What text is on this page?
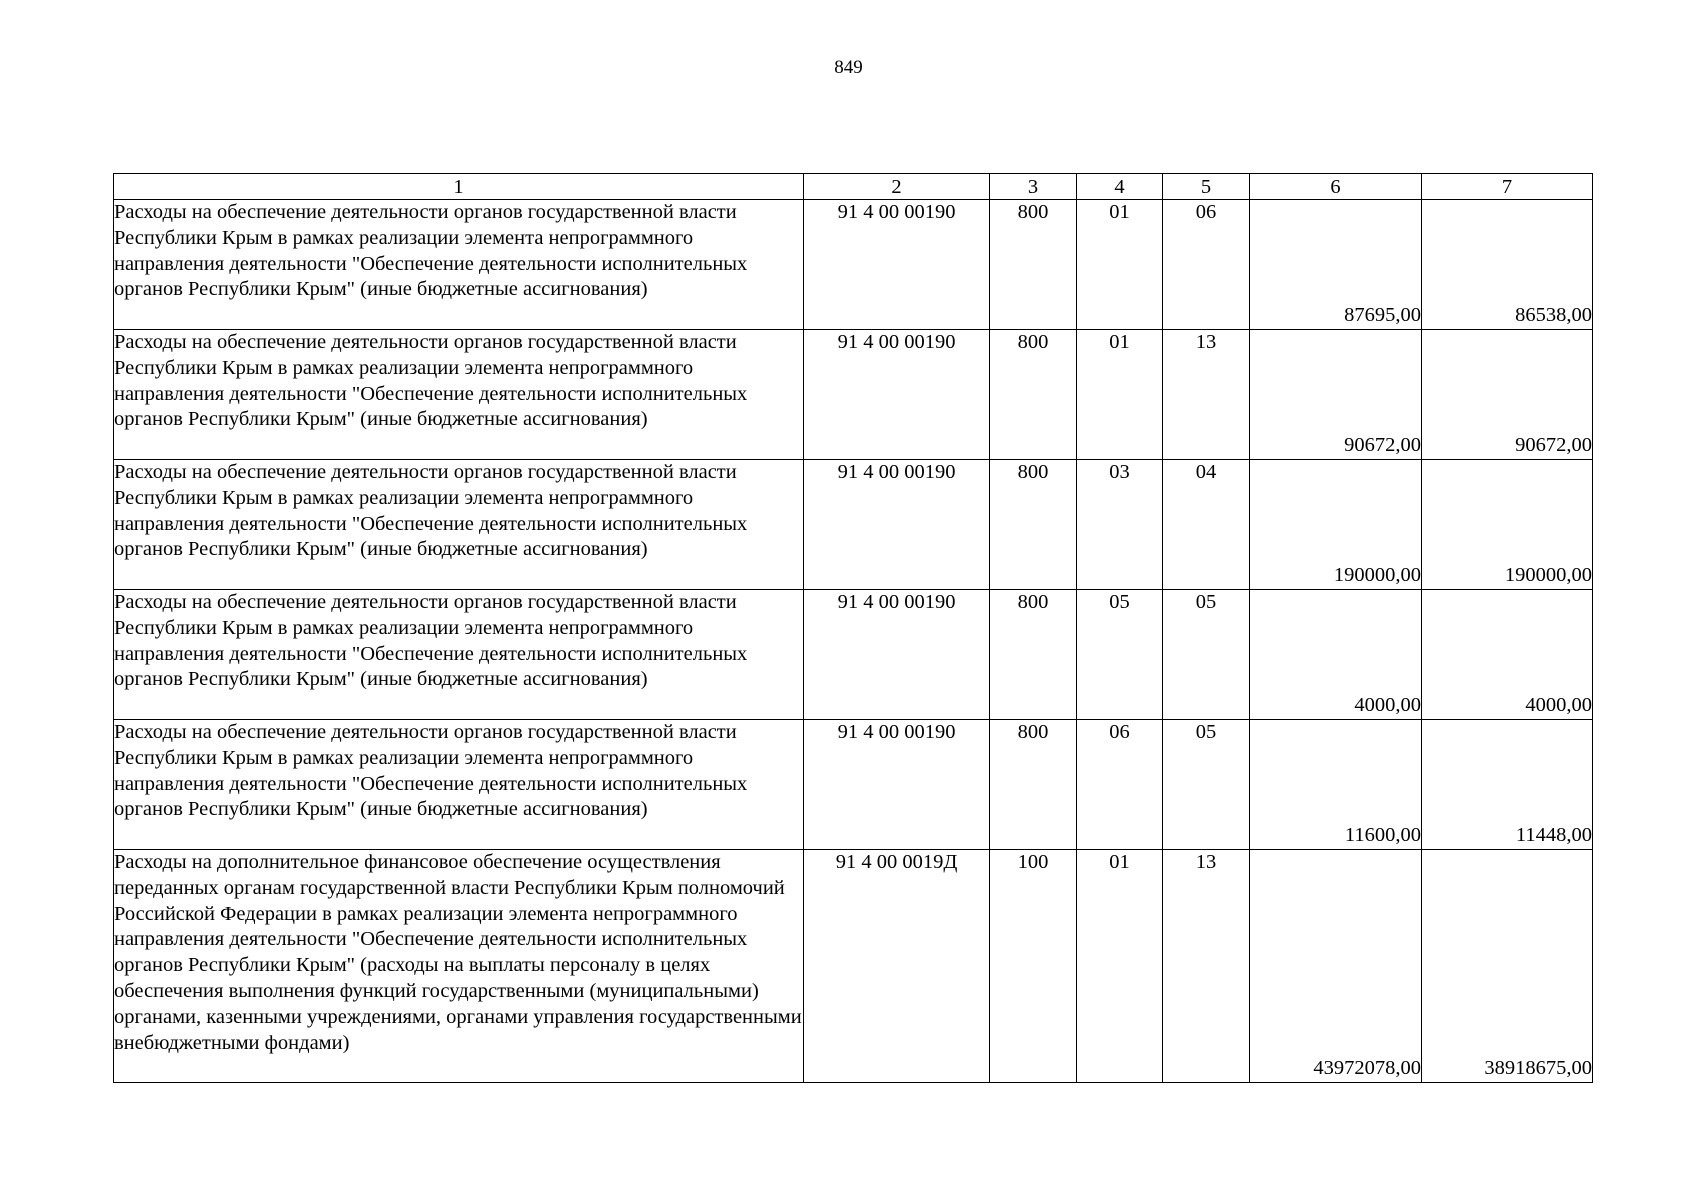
849
1	2	3	4	5	6	7
Расходы на обеспечение деятельности органов государственной власти Республики Крым в рамках реализации элемента непрограммного направления деятельности "Обеспечение деятельности исполнительных органов Республики Крым" (иные бюджетные ассигнования)	91 4 00 00190	800	01	06	87695,00	86538,00
Расходы на обеспечение деятельности органов государственной власти Республики Крым в рамках реализации элемента непрограммного направления деятельности "Обеспечение деятельности исполнительных органов Республики Крым" (иные бюджетные ассигнования)	91 4 00 00190	800	01	13	90672,00	90672,00
Расходы на обеспечение деятельности органов государственной власти Республики Крым в рамках реализации элемента непрограммного направления деятельности "Обеспечение деятельности исполнительных органов Республики Крым" (иные бюджетные ассигнования)	91 4 00 00190	800	03	04	190000,00	190000,00
Расходы на обеспечение деятельности органов государственной власти Республики Крым в рамках реализации элемента непрограммного направления деятельности "Обеспечение деятельности исполнительных органов Республики Крым" (иные бюджетные ассигнования)	91 4 00 00190	800	05	05	4000,00	4000,00
Расходы на обеспечение деятельности органов государственной власти Республики Крым в рамках реализации элемента непрограммного направления деятельности "Обеспечение деятельности исполнительных органов Республики Крым" (иные бюджетные ассигнования)	91 4 00 00190	800	06	05	11600,00	11448,00
Расходы на дополнительное финансовое обеспечение осуществления переданных органам государственной власти Республики Крым полномочий Российской Федерации в рамках реализации элемента непрограммного направления деятельности "Обеспечение деятельности исполнительных органов Республики Крым" (расходы на выплаты персоналу в целях обеспечения выполнения функций государственными (муниципальными) органами, казенными учреждениями, органами управления государственными внебюджетными фондами)	91 4 00 0019Д	100	01	13	43972078,00	38918675,00
